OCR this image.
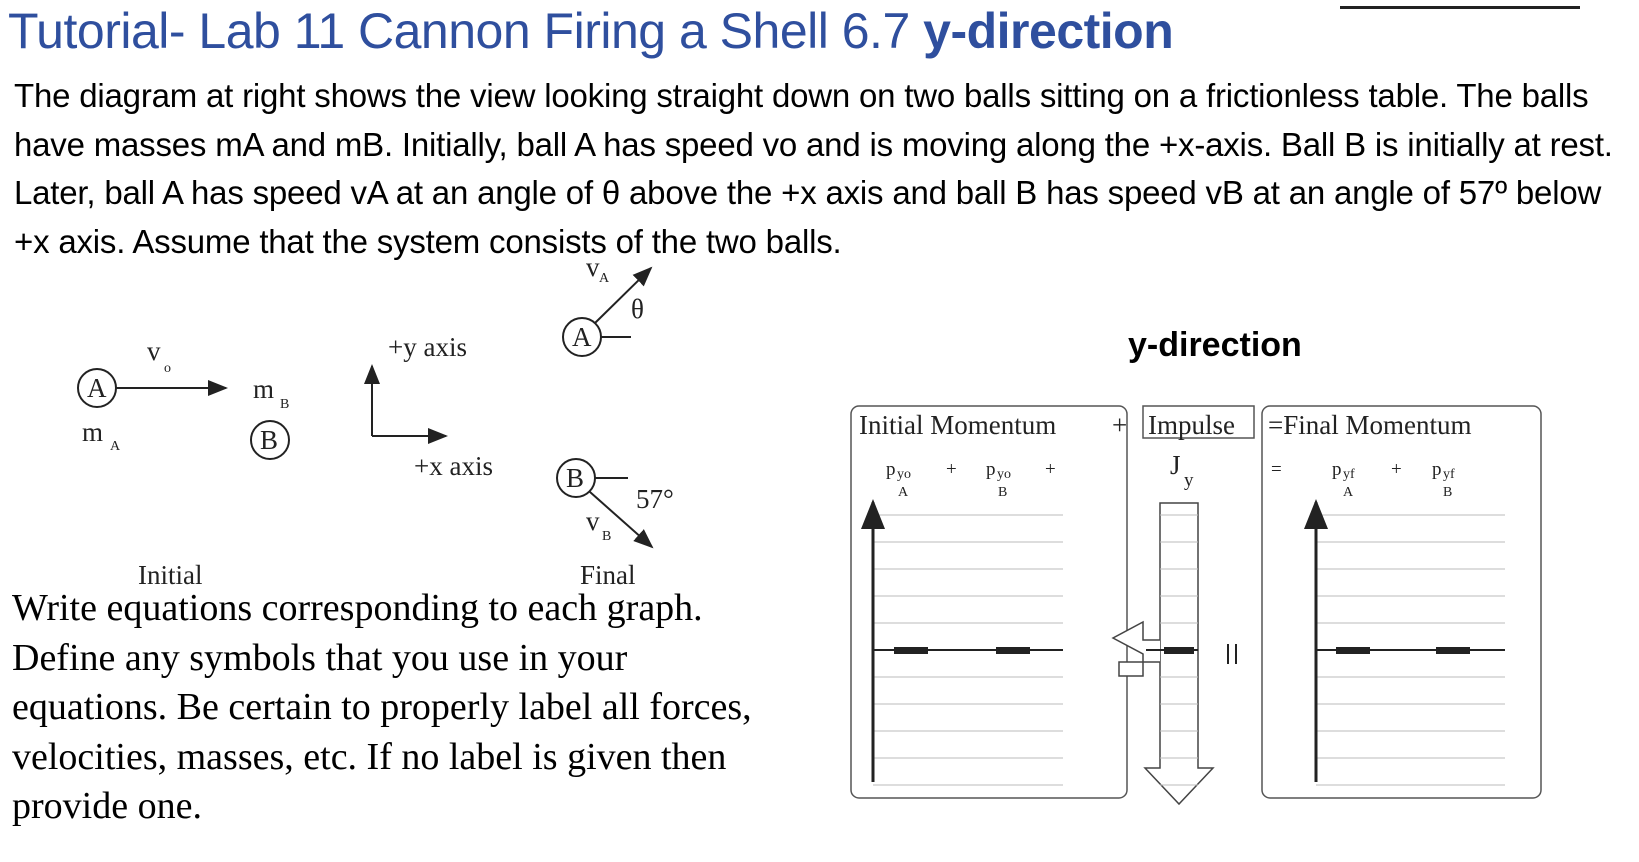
Tutorial- Lab 11 Cannon Firing a Shell 6.7 y-direction
The diagram at right shows the view looking straight down on two balls sitting on a frictionless table. The balls have masses mA and mB. Initially, ball A has speed vo and is moving along the +x-axis. Ball B is initially at rest. Later, ball A has speed vA at an angle of θ above the +x axis and ball B has speed vB at an angle of 57º below +x axis. Assume that the system consists of the two balls.
Write equations corresponding to each graph. Define any symbols that you use in your equations. Be certain to properly label all forces, velocities, masses, etc. If no label is given then provide one.
y-direction
A
v
o
m A
m
B
B
Initial
+y axis
+x axis
A
v A
θ
B
57°
v
B
Final
Initial Momentum + Impulse =Final Momentum
p yo
A
+ p yo
B
+	J
y
=	p yf
A
+ p yf
B
